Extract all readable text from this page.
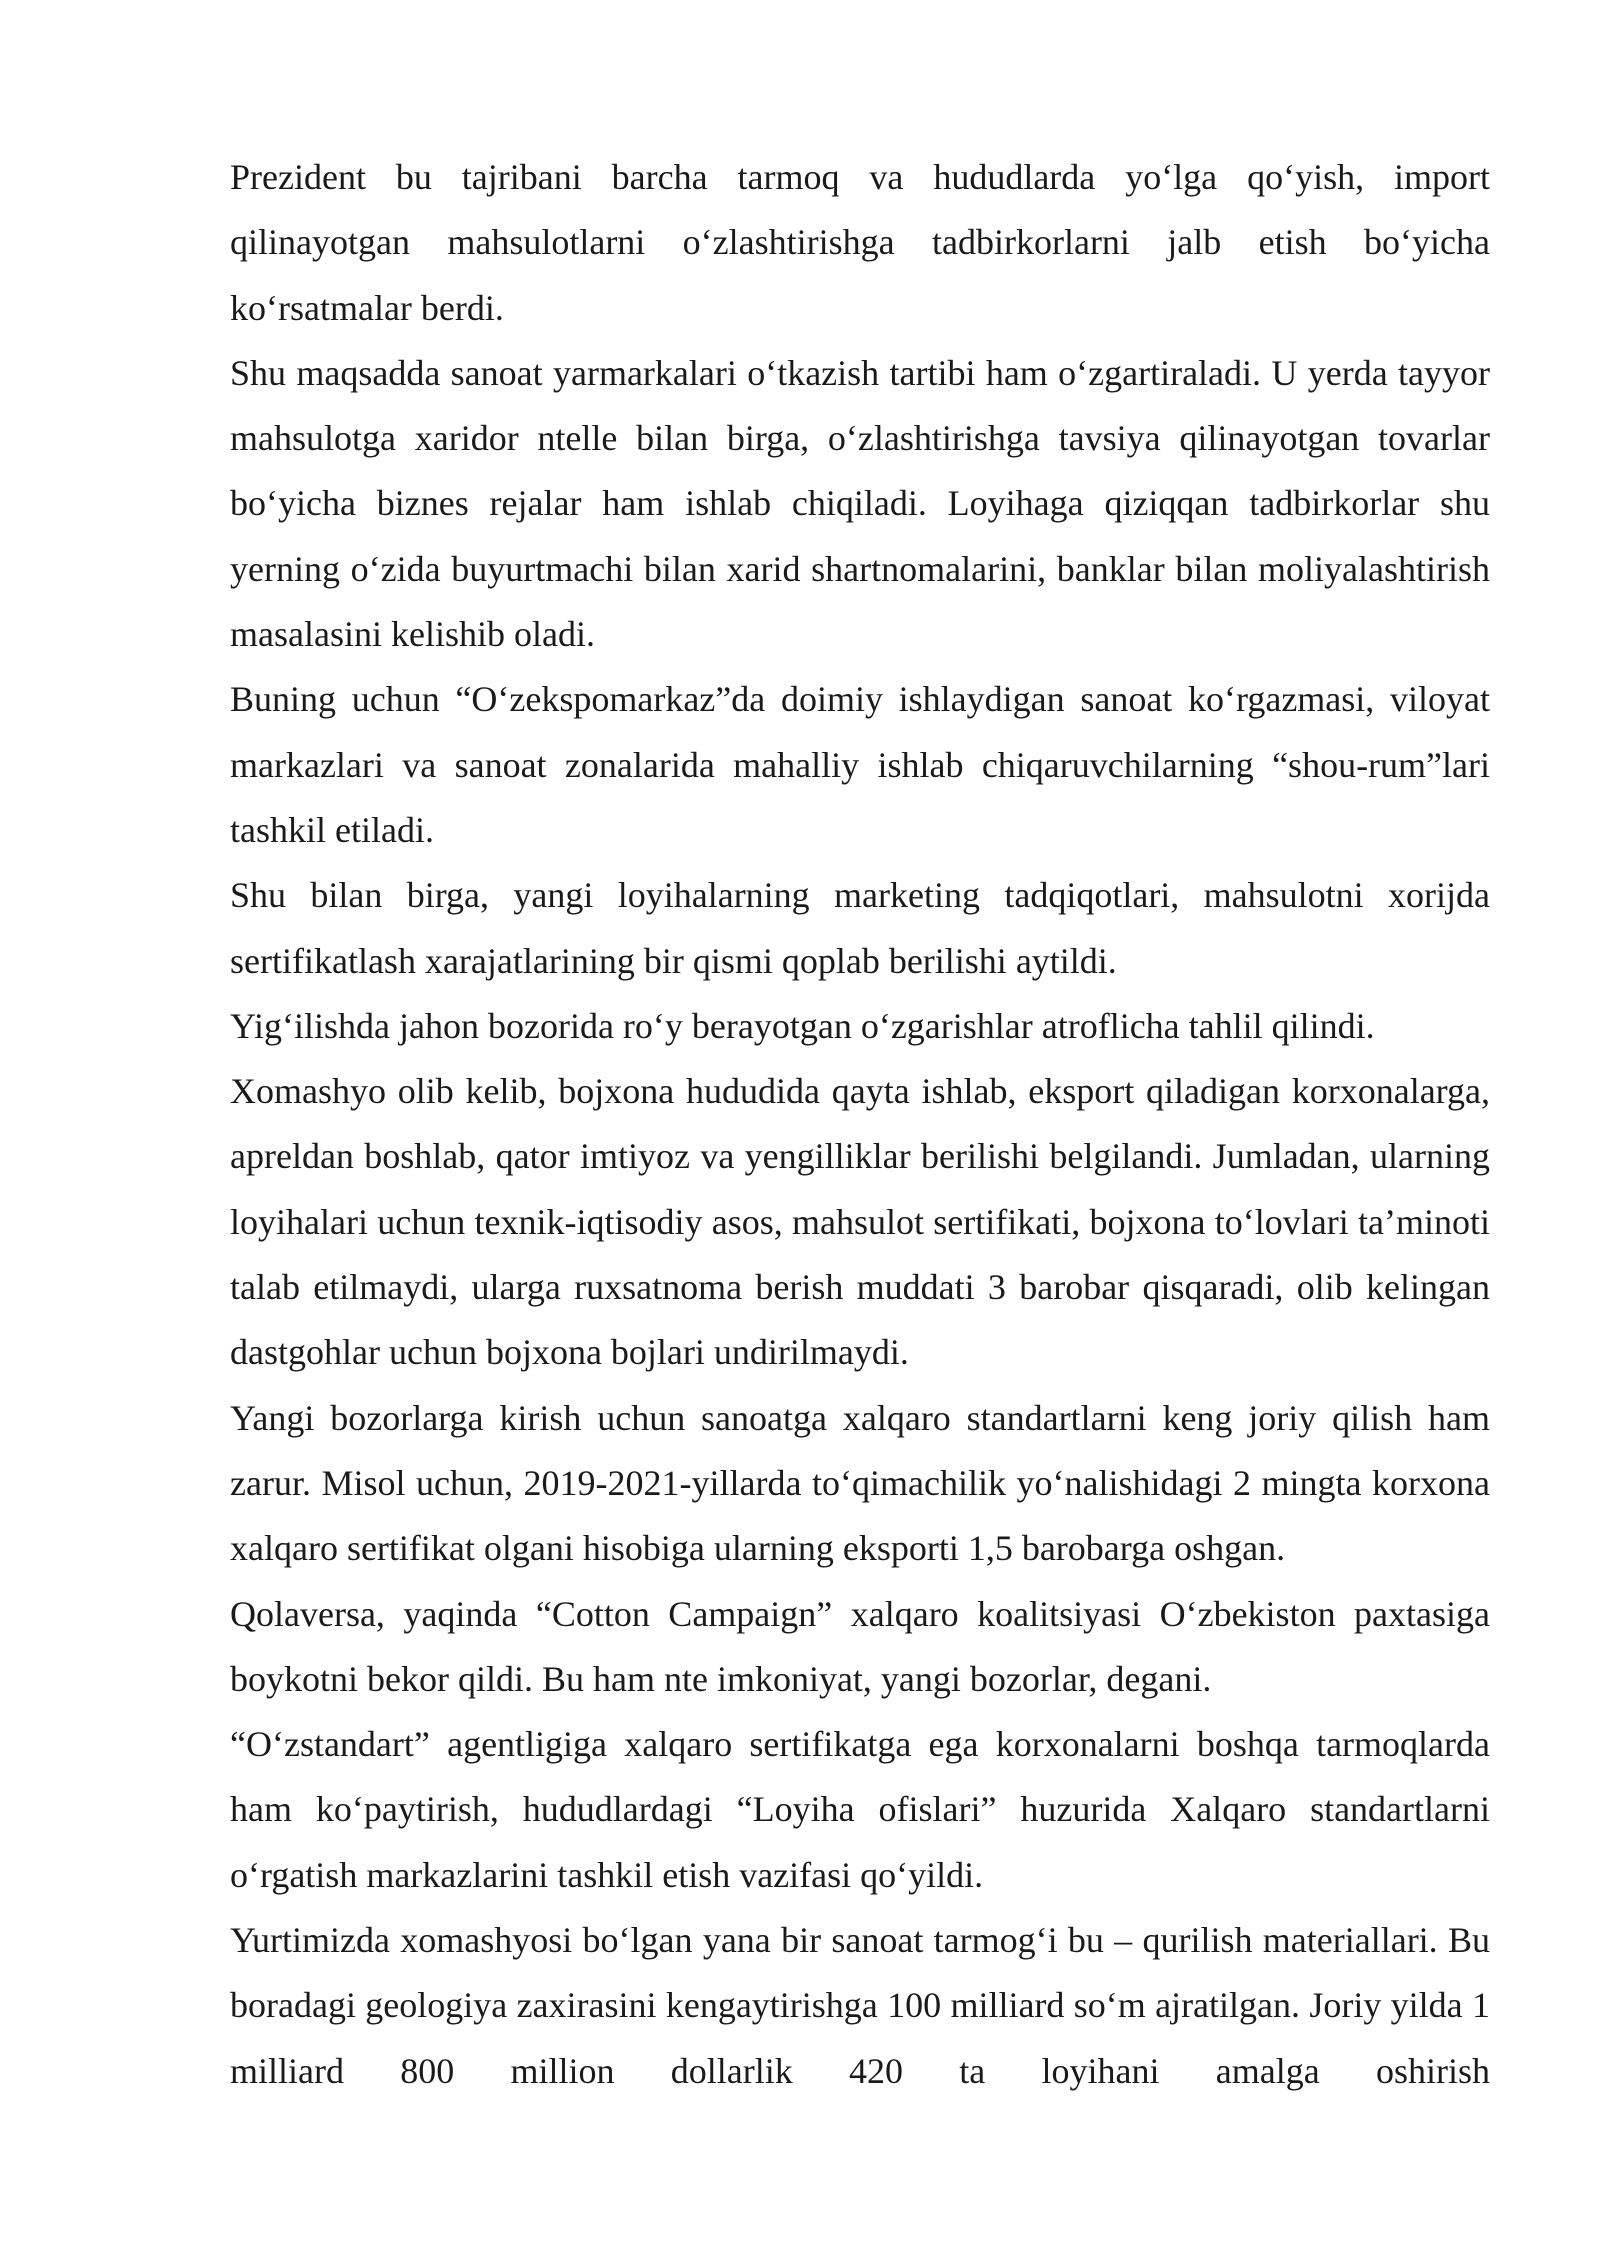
Prezident bu tajribani barcha tarmoq va hududlarda yo‘lga qo‘yish, import qilinayotgan mahsulotlarni o‘zlashtirishga tadbirkorlarni jalb etish bo‘yicha ko‘rsatmalar berdi.

Shu maqsadda sanoat yarmarkalari o‘tkazish tartibi ham o‘zgartiraladi. U yerda tayyor mahsulotga xaridor ntelle bilan birga, o‘zlashtirishga tavsiya qilinayotgan tovarlar bo‘yicha biznes rejalar ham ishlab chiqiladi. Loyihaga qiziqqan tadbirkorlar shu yerning o‘zida buyurtmachi bilan xarid shartnomalarini, banklar bilan moliyalashtirish masalasini kelishib oladi.

Buning uchun “O‘zekspomarkaz”da doimiy ishlaydigan sanoat ko‘rgazmasi, viloyat markazlari va sanoat zonalarida mahalliy ishlab chiqaruvchilarning “shou-rum”lari tashkil etiladi.

Shu bilan birga, yangi loyihalarning marketing tadqiqotlari, mahsulotni xorijda sertifikatlash xarajatlarining bir qismi qoplab berilishi aytildi.

Yig‘ilishda jahon bozorida ro‘y berayotgan o‘zgarishlar atroflicha tahlil qilindi.

Xomashyo olib kelib, bojxona hududida qayta ishlab, eksport qiladigan korxonalarga, apreldan boshlab, qator imtiyoz va yengilliklar berilishi belgilandi. Jumladan, ularning loyihalari uchun texnik-iqtisodiy asos, mahsulot sertifikati, bojxona to‘lovlari ta’minoti talab etilmaydi, ularga ruxsatnoma berish muddati 3 barobar qisqaradi, olib kelingan dastgohlar uchun bojxona bojlari undirilmaydi.

Yangi bozorlarga kirish uchun sanoatga xalqaro standartlarni keng joriy qilish ham zarur. Misol uchun, 2019-2021-yillarda to‘qimachilik yo‘nalishidagi 2 mingta korxona xalqaro sertifikat olgani hisobiga ularning eksporti 1,5 barobarga oshgan.

Qolaversa, yaqinda “Cotton Campaign” xalqaro koalitsiyasi O‘zbekiston paxtasiga boykotni bekor qildi. Bu ham nte imkoniyat, yangi bozorlar, degani.

“O‘zstandart” agentligiga xalqaro sertifikatga ega korxonalarni boshqa tarmoqlarda ham ko‘paytirish, hududlardagi “Loyiha ofislari” huzurida Xalqaro standartlarni o‘rgatish markazlarini tashkil etish vazifasi qo‘yildi.

Yurtimizda xomashyosi bo‘lgan yana bir sanoat tarmog‘i bu – qurilish materiallari. Bu boradagi geologiya zaxirasini kengaytirishga 100 milliard so‘m ajratilgan. Joriy yilda 1 milliard 800 million dollarlik 420 ta loyihani amalga oshirish
